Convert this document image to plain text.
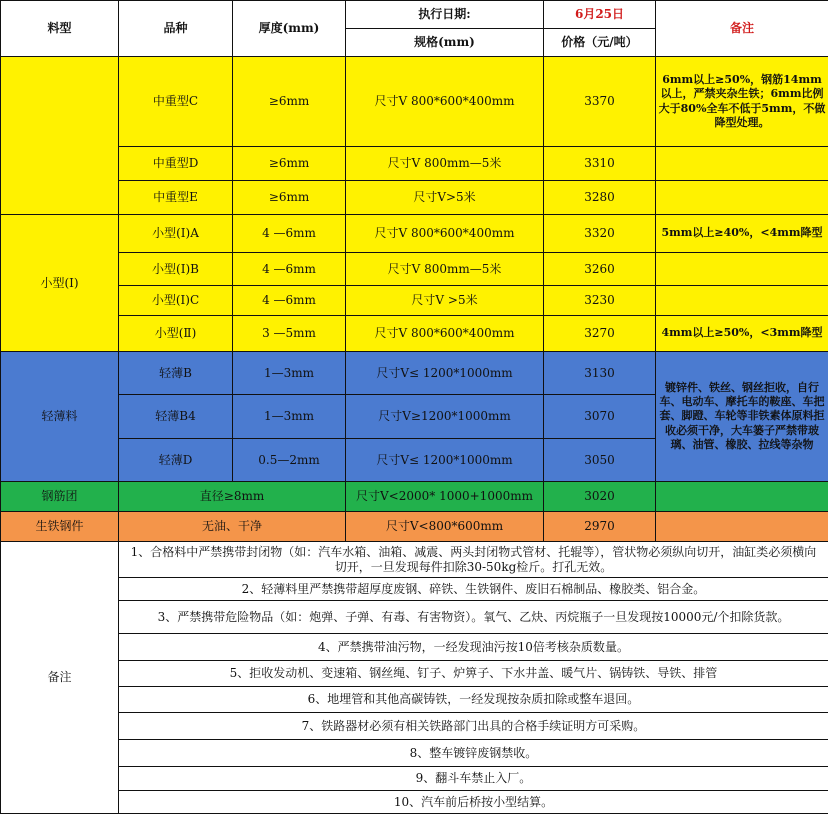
料型	品种	厚度(mm)	执行日期:	6月25日	备注
			规格(mm)	价格（元/吨）	
	中重型C	≥6mm	尺寸V 800*600*400mm	3370	6mm以上≥50%，钢筋14mm以上，严禁夹杂生铁；6mm比例大于80%全车不低于5mm，不做降型处理。
	中重型D	≥6mm	尺寸V 800mm—5米	3310	
	中重型E	≥6mm	尺寸V>5米	3280	
小型(I)	小型(I)A	4 —6mm	尺寸V 800*600*400mm	3320	5mm以上≥40%，<4mm降型
	小型(I)B	4 —6mm	尺寸V 800mm—5米	3260	
	小型(I)C	4 —6mm	尺寸V >5米	3230	
	小型(Ⅱ)	3 —5mm	尺寸V 800*600*400mm	3270	4mm以上≥50%，<3mm降型
轻薄料	轻薄B	1—3mm	尺寸V≤ 1200*1000mm	3130	镀锌件、铁丝、钢丝拒收，自行车、电动车、摩托车的鞍座、车把套、脚蹬、车轮等非铁素体原料拒收必须干净，大车篓子严禁带玻璃、油管、橡胶、拉线等杂物
	轻薄B4	1—3mm	尺寸V≥1200*1000mm	3070	
	轻薄D	0.5—2mm	尺寸V≤ 1200*1000mm	3050	
钢筋团	直径≥8mm		尺寸V<2000* 1000+1000mm	3020	
生铁钢件	无油、干净		尺寸V<800*600mm	2970	
备注	1、合格料中严禁携带封闭物（如：汽车水箱、油箱、减震、两头封闭物式管材、托辊等），管状物必须纵向切开，油缸类必须横向切开，一旦发现每件扣除30-50kg检斤。打孔无效。				
	2、轻薄料里严禁携带超厚度废钢、碎铁、生铁钢件、废旧石棉制品、橡胶类、铝合金。				
	3、严禁携带危险物品（如：炮弹、子弹、有毒、有害物资）。氧气、乙炔、丙烷瓶子一旦发现按10000元/个扣除货款。				
	4、严禁携带油污物，一经发现油污按10倍考核杂质数量。				
	5、拒收发动机、变速箱、钢丝绳、钉子、炉箅子、下水井盖、暖气片、锅铸铁、导铁、排管				
	6、地埋管和其他高碳铸铁，一经发现按杂质扣除或整车退回。				
	7、铁路器材必须有相关铁路部门出具的合格手续证明方可采购。				
	8、整车镀锌废钢禁收。				
	9、翻斗车禁止入厂。				
	10、汽车前后桥按小型结算。				
